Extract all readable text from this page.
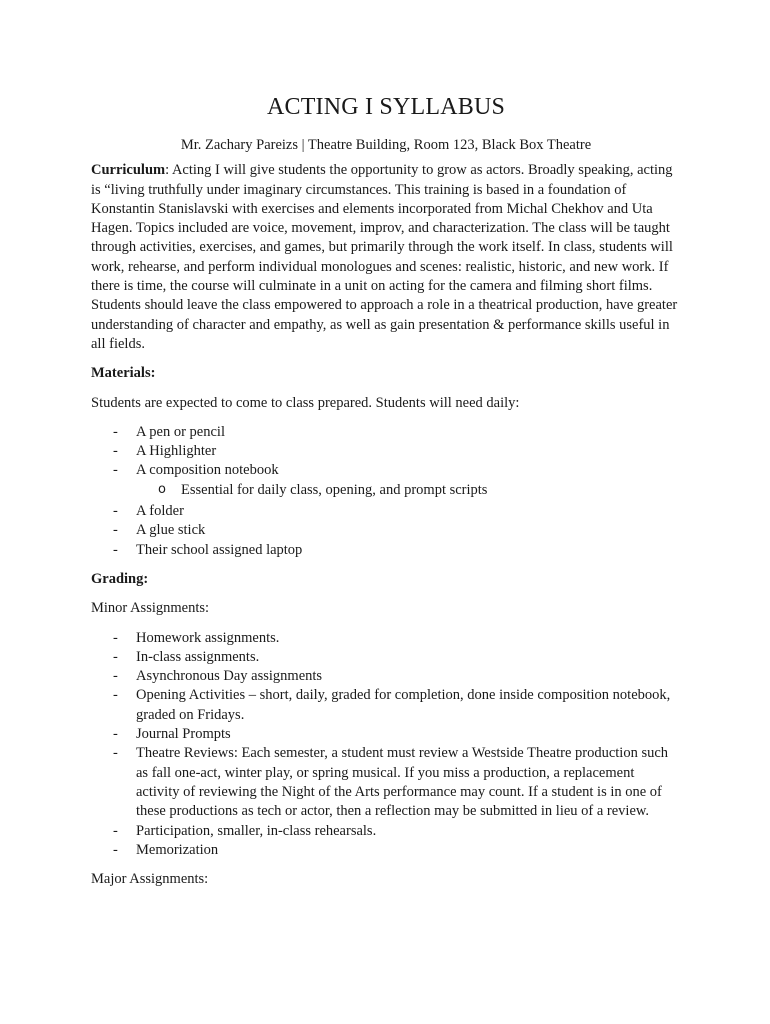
ACTING I SYLLABUS

Mr. Zachary Pareizs | Theatre Building, Room 123, Black Box Theatre

Curriculum: Acting I will give students the opportunity to grow as actors. Broadly speaking, acting is “living truthfully under imaginary circumstances. This training is based in a foundation of Konstantin Stanislavski with exercises and elements incorporated from Michal Chekhov and Uta Hagen. Topics included are voice, movement, improv, and characterization. The class will be taught through activities, exercises, and games, but primarily through the work itself. In class, students will work, rehearse, and perform individual monologues and scenes: realistic, historic, and new work. If there is time, the course will culminate in a unit on acting for the camera and filming short films. Students should leave the class empowered to approach a role in a theatrical production, have greater understanding of character and empathy, as well as gain presentation & performance skills useful in all fields.

Materials:

Students are expected to come to class prepared. Students will need daily:

- A pen or pencil
- A Highlighter
- A composition notebook
o Essential for daily class, opening, and prompt scripts
- A folder
- A glue stick
- Their school assigned laptop

Grading:

Minor Assignments:

- Homework assignments.
- In-class assignments.
- Asynchronous Day assignments
- Opening Activities – short, daily, graded for completion, done inside composition notebook, graded on Fridays.
- Journal Prompts
- Theatre Reviews: Each semester, a student must review a Westside Theatre production such as fall one-act, winter play, or spring musical. If you miss a production, a replacement activity of reviewing the Night of the Arts performance may count. If a student is in one of these productions as tech or actor, then a reflection may be submitted in lieu of a review.
- Participation, smaller, in-class rehearsals.
- Memorization

Major Assignments:
